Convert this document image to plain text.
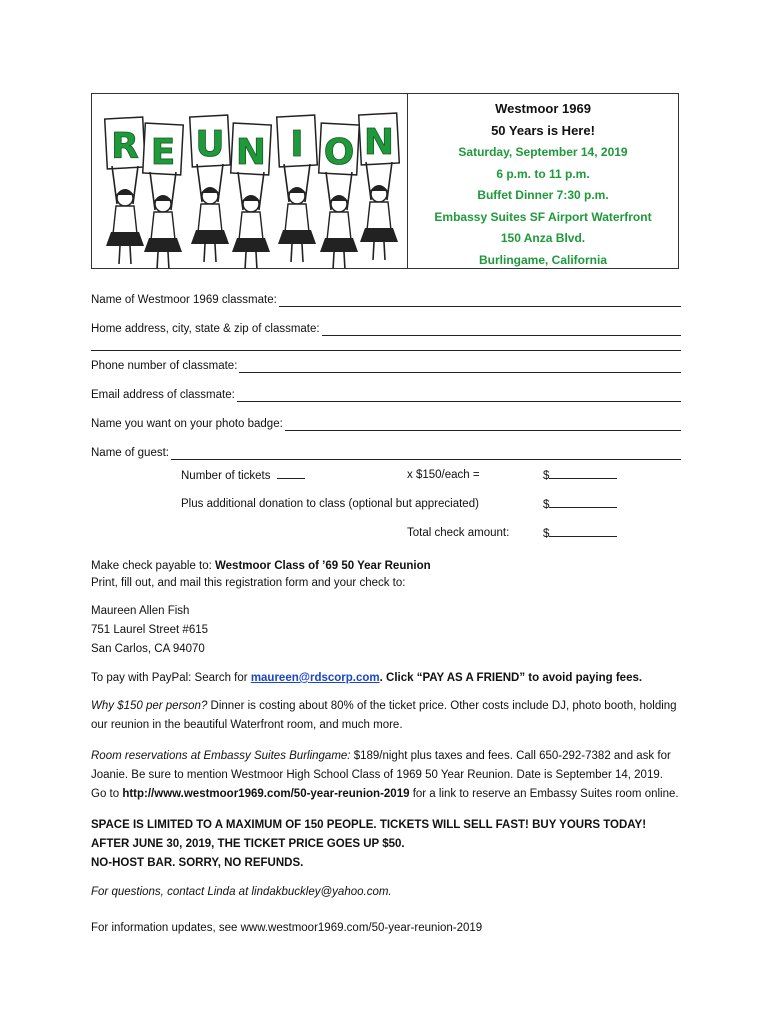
R E U N I O N
Westmoor 1969
50 Years is Here!
Saturday, September 14, 2019
6 p.m. to 11 p.m.
Buffet Dinner 7:30 p.m.
Embassy Suites SF Airport Waterfront
150 Anza Blvd.
Burlingame, California
Name of Westmoor 1969 classmate:
Home address, city, state & zip of classmate:
Phone number of classmate:
Email address of classmate:
Name you want on your photo badge:
Name of guest:
Number of tickets	x $150/each =	$
Plus additional donation to class (optional but appreciated)	$
Total check amount:	$

Make check payable to: Westmoor Class of ’69 50 Year Reunion

Print, fill out, and mail this registration form and your check to:

Maureen Allen Fish
751 Laurel Street #615
San Carlos, CA 94070

To pay with PayPal: Search for maureen@rdscorp.com. Click “PAY AS A FRIEND” to avoid paying fees.

Why $150 per person? Dinner is costing about 80% of the ticket price. Other costs include DJ, photo booth, holding our reunion in the beautiful Waterfront room, and much more.

Room reservations at Embassy Suites Burlingame: $189/night plus taxes and fees. Call 650-292-7382 and ask for Joanie. Be sure to mention Westmoor High School Class of 1969 50 Year Reunion. Date is September 14, 2019. Go to http://www.westmoor1969.com/50-year-reunion-2019 for a link to reserve an Embassy Suites room online.

SPACE IS LIMITED TO A MAXIMUM OF 150 PEOPLE. TICKETS WILL SELL FAST! BUY YOURS TODAY!
AFTER JUNE 30, 2019, THE TICKET PRICE GOES UP $50.
NO-HOST BAR. SORRY, NO REFUNDS.

For questions, contact Linda at lindakbuckley@yahoo.com.

For information updates, see www.westmoor1969.com/50-year-reunion-2019
